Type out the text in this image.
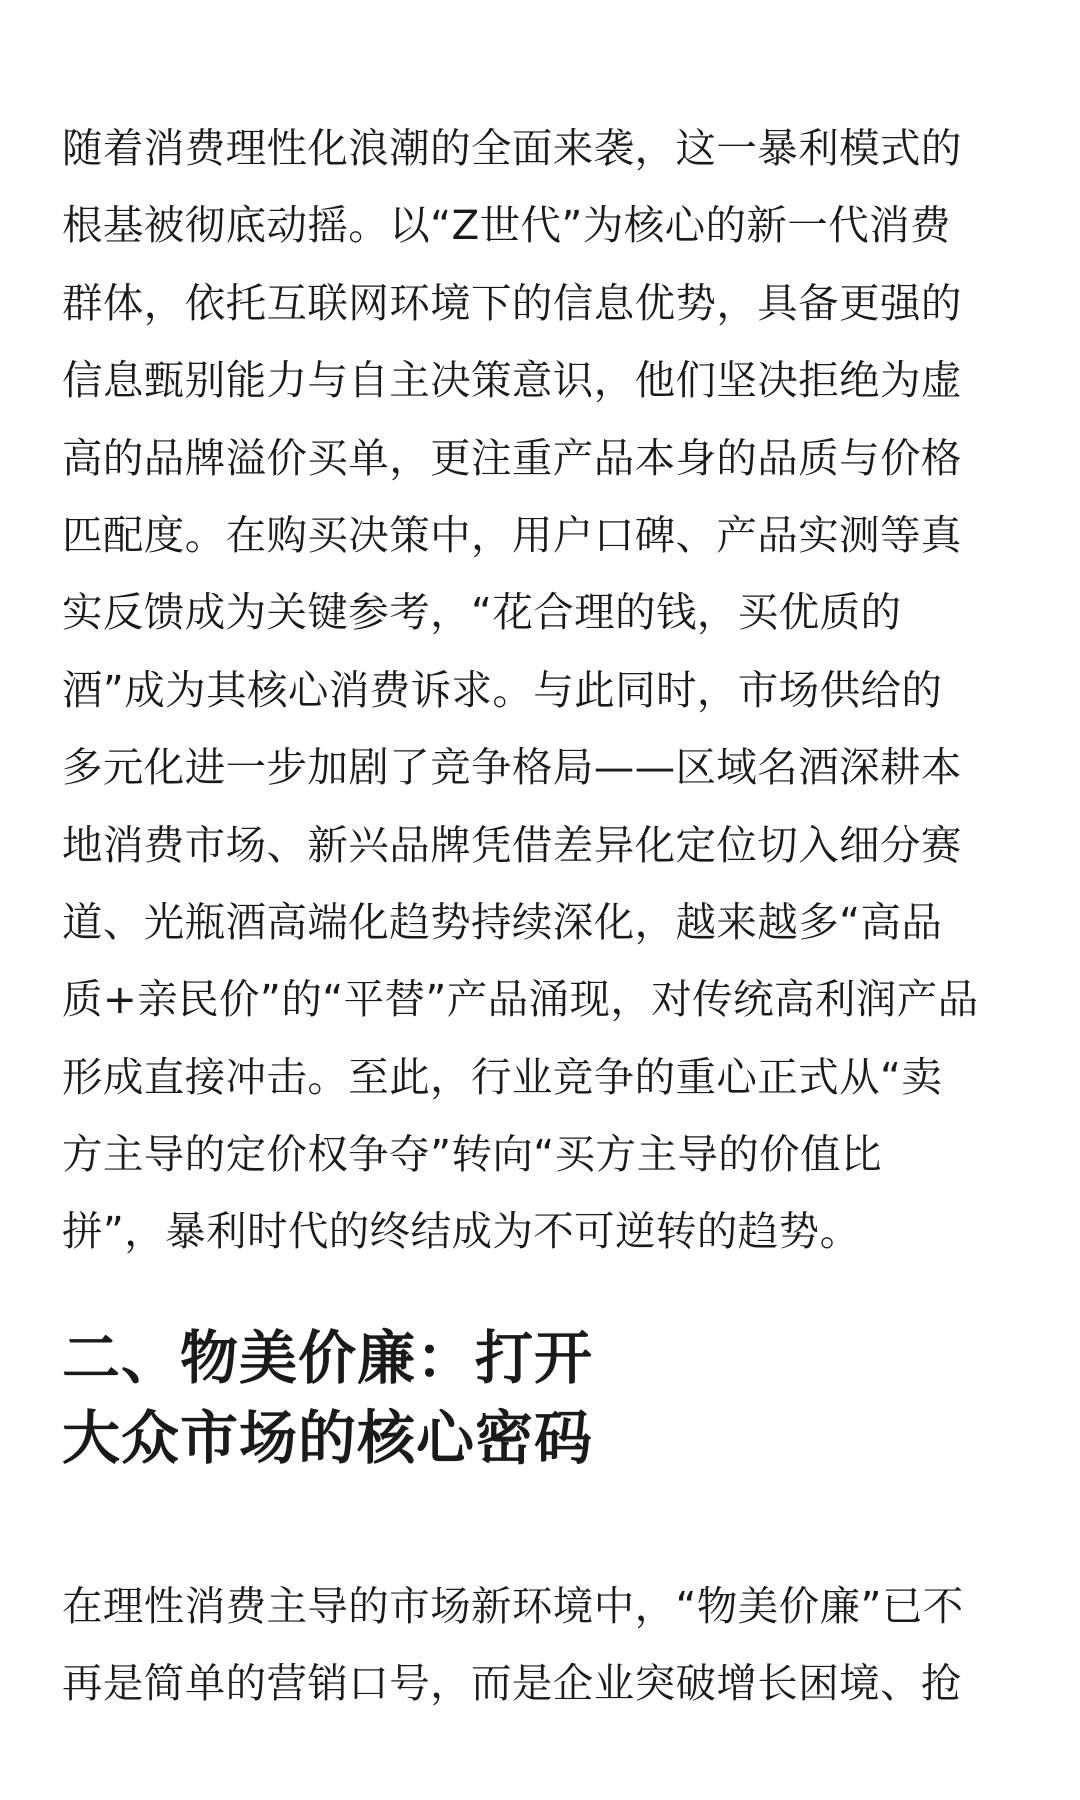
随着消费理性化浪潮的全面来袭，这一暴利模式的
根基被彻底动摇。以“Z世代”为核心的新一代消费
群体，依托互联网环境下的信息优势，具备更强的
信息甄别能力与自主决策意识，他们坚决拒绝为虚
高的品牌溢价买单，更注重产品本身的品质与价格
匹配度。在购买决策中，用户口碑、产品实测等真
实反馈成为关键参考，“花合理的钱，买优质的
酒”成为其核心消费诉求。与此同时，市场供给的
多元化进一步加剧了竞争格局——区域名酒深耕本
地消费市场、新兴品牌凭借差异化定位切入细分赛
道、光瓶酒高端化趋势持续深化，越来越多“高品
质+亲民价”的“平替”产品涌现，对传统高利润产品
形成直接冲击。至此，行业竞争的重心正式从“卖
方主导的定价权争夺”转向“买方主导的价值比
拼”，暴利时代的终结成为不可逆转的趋势。

二、物美价廉：打开
大众市场的核心密码

在理性消费主导的市场新环境中，“物美价廉”已不
再是简单的营销口号，而是企业突破增长困境、抢
